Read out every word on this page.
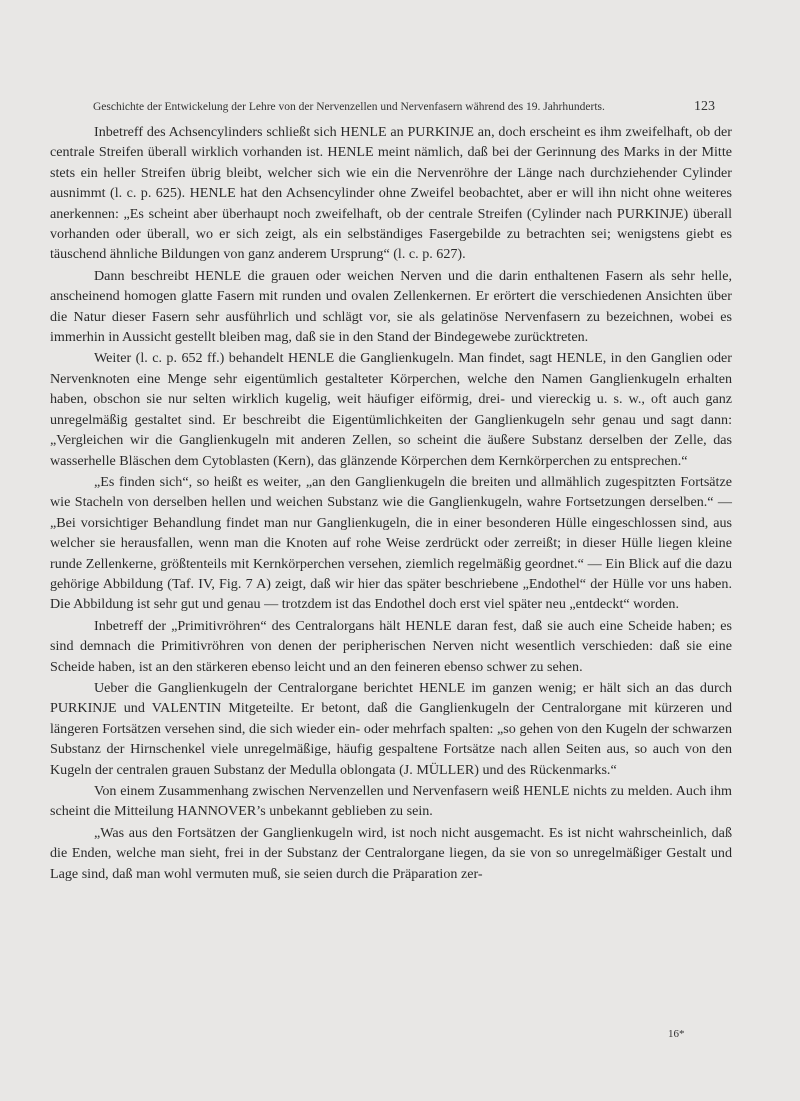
Geschichte der Entwickelung der Lehre von der Nervenzellen und Nervenfasern während des 19. Jahrhunderts.	123

Inbetreff des Achsencylinders schließt sich HENLE an PURKINJE an, doch erscheint es ihm zweifelhaft, ob der centrale Streifen überall wirklich vorhanden ist. HENLE meint nämlich, daß bei der Gerinnung des Marks in der Mitte stets ein heller Streifen übrig bleibt, welcher sich wie ein die Nervenröhre der Länge nach durchziehender Cylinder ausnimmt (l. c. p. 625). HENLE hat den Achsencylinder ohne Zweifel beobachtet, aber er will ihn nicht ohne weiteres anerkennen: „Es scheint aber überhaupt noch zweifelhaft, ob der centrale Streifen (Cylinder nach PURKINJE) überall vorhanden oder überall, wo er sich zeigt, als ein selbständiges Fasergebilde zu betrachten sei; wenigstens giebt es täuschend ähnliche Bildungen von ganz anderem Ursprung“ (l. c. p. 627).

Dann beschreibt HENLE die grauen oder weichen Nerven und die darin enthaltenen Fasern als sehr helle, anscheinend homogen glatte Fasern mit runden und ovalen Zellenkernen. Er erörtert die verschiedenen Ansichten über die Natur dieser Fasern sehr ausführlich und schlägt vor, sie als gelatinöse Nervenfasern zu bezeichnen, wobei es immerhin in Aussicht gestellt bleiben mag, daß sie in den Stand der Bindegewebe zurücktreten.

Weiter (l. c. p. 652 ff.) behandelt HENLE die Ganglienkugeln. Man findet, sagt HENLE, in den Ganglien oder Nervenknoten eine Menge sehr eigentümlich gestalteter Körperchen, welche den Namen Ganglienkugeln erhalten haben, obschon sie nur selten wirklich kugelig, weit häufiger eiförmig, drei- und viereckig u. s. w., oft auch ganz unregelmäßig gestaltet sind. Er beschreibt die Eigentümlichkeiten der Ganglienkugeln sehr genau und sagt dann: „Vergleichen wir die Ganglienkugeln mit anderen Zellen, so scheint die äußere Substanz derselben der Zelle, das wasserhelle Bläschen dem Cytoblasten (Kern), das glänzende Körperchen dem Kernkörperchen zu entsprechen.“

„Es finden sich“, so heißt es weiter, „an den Ganglienkugeln die breiten und allmählich zugespitzten Fortsätze wie Stacheln von derselben hellen und weichen Substanz wie die Ganglienkugeln, wahre Fortsetzungen derselben.“ — „Bei vorsichtiger Behandlung findet man nur Ganglienkugeln, die in einer besonderen Hülle eingeschlossen sind, aus welcher sie herausfallen, wenn man die Knoten auf rohe Weise zerdrückt oder zerreißt; in dieser Hülle liegen kleine runde Zellenkerne, größtenteils mit Kernkörperchen versehen, ziemlich regelmäßig geordnet.“ — Ein Blick auf die dazu gehörige Abbildung (Taf. IV, Fig. 7 A) zeigt, daß wir hier das später beschriebene „Endothel“ der Hülle vor uns haben. Die Abbildung ist sehr gut und genau — trotzdem ist das Endothel doch erst viel später neu „entdeckt“ worden.

Inbetreff der „Primitivröhren“ des Centralorgans hält HENLE daran fest, daß sie auch eine Scheide haben; es sind demnach die Primitivröhren von denen der peripherischen Nerven nicht wesentlich verschieden: daß sie eine Scheide haben, ist an den stärkeren ebenso leicht und an den feineren ebenso schwer zu sehen.

Ueber die Ganglienkugeln der Centralorgane berichtet HENLE im ganzen wenig; er hält sich an das durch PURKINJE und VALENTIN Mitgeteilte. Er betont, daß die Ganglienkugeln der Centralorgane mit kürzeren und längeren Fortsätzen versehen sind, die sich wieder ein- oder mehrfach spalten: „so gehen von den Kugeln der schwarzen Substanz der Hirnschenkel viele unregelmäßige, häufig gespaltene Fortsätze nach allen Seiten aus, so auch von den Kugeln der centralen grauen Substanz der Medulla oblongata (J. MÜLLER) und des Rückenmarks.“

Von einem Zusammenhang zwischen Nervenzellen und Nervenfasern weiß HENLE nichts zu melden. Auch ihm scheint die Mitteilung HANNOVER’s unbekannt geblieben zu sein.

„Was aus den Fortsätzen der Ganglienkugeln wird, ist noch nicht ausgemacht. Es ist nicht wahrscheinlich, daß die Enden, welche man sieht, frei in der Substanz der Centralorgane liegen, da sie von so unregelmäßiger Gestalt und Lage sind, daß man wohl vermuten muß, sie seien durch die Präparation zer-

16*
